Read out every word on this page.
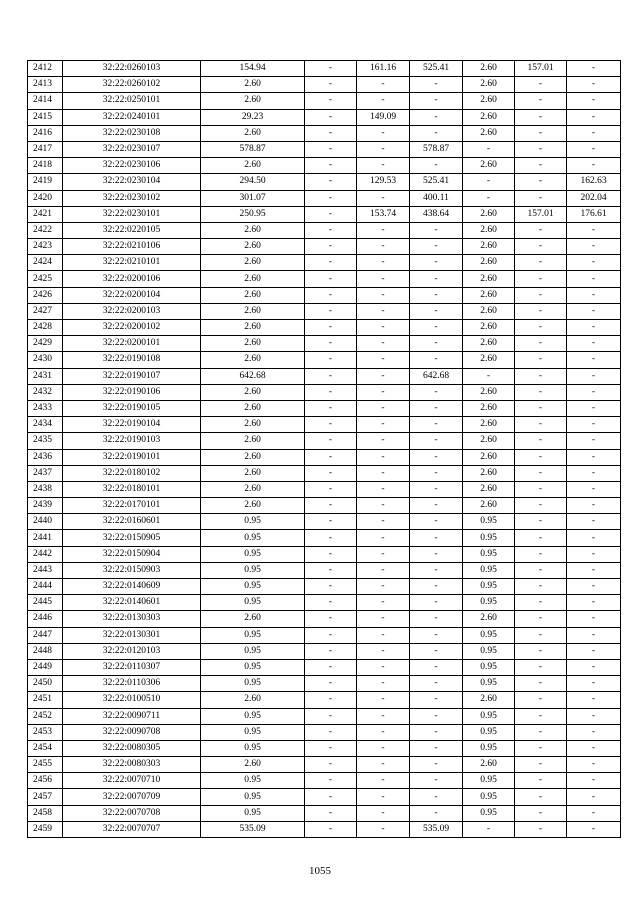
2412	32:22:0260103	154.94	-	161.16	525.41	2.60	157.01	-
2413	32:22:0260102	2.60	-	-	-	2.60	-	-
2414	32:22:0250101	2.60	-	-	-	2.60	-	-
2415	32:22:0240101	29.23	-	149.09	-	2.60	-	-
2416	32:22:0230108	2.60	-	-	-	2.60	-	-
2417	32:22:0230107	578.87	-	-	578.87	-	-	-
2418	32:22:0230106	2.60	-	-	-	2.60	-	-
2419	32:22:0230104	294.50	-	129.53	525.41	-	-	162.63
2420	32:22:0230102	301.07	-	-	400.11	-	-	202.04
2421	32:22:0230101	250.95	-	153.74	438.64	2.60	157.01	176.61
2422	32:22:0220105	2.60	-	-	-	2.60	-	-
2423	32:22:0210106	2.60	-	-	-	2.60	-	-
2424	32:22:0210101	2.60	-	-	-	2.60	-	-
2425	32:22:0200106	2.60	-	-	-	2.60	-	-
2426	32:22:0200104	2.60	-	-	-	2.60	-	-
2427	32:22:0200103	2.60	-	-	-	2.60	-	-
2428	32:22:0200102	2.60	-	-	-	2.60	-	-
2429	32:22:0200101	2.60	-	-	-	2.60	-	-
2430	32:22:0190108	2.60	-	-	-	2.60	-	-
2431	32:22:0190107	642.68	-	-	642.68	-	-	-
2432	32:22:0190106	2.60	-	-	-	2.60	-	-
2433	32:22:0190105	2.60	-	-	-	2.60	-	-
2434	32:22:0190104	2.60	-	-	-	2.60	-	-
2435	32:22:0190103	2.60	-	-	-	2.60	-	-
2436	32:22:0190101	2.60	-	-	-	2.60	-	-
2437	32:22:0180102	2.60	-	-	-	2.60	-	-
2438	32:22:0180101	2.60	-	-	-	2.60	-	-
2439	32:22:0170101	2.60	-	-	-	2.60	-	-
2440	32:22:0160601	0.95	-	-	-	0.95	-	-
2441	32:22:0150905	0.95	-	-	-	0.95	-	-
2442	32:22:0150904	0.95	-	-	-	0.95	-	-
2443	32:22:0150903	0.95	-	-	-	0.95	-	-
2444	32:22:0140609	0.95	-	-	-	0.95	-	-
2445	32:22:0140601	0.95	-	-	-	0.95	-	-
2446	32:22:0130303	2.60	-	-	-	2.60	-	-
2447	32:22:0130301	0.95	-	-	-	0.95	-	-
2448	32:22:0120103	0.95	-	-	-	0.95	-	-
2449	32:22:0110307	0.95	-	-	-	0.95	-	-
2450	32:22:0110306	0.95	-	-	-	0.95	-	-
2451	32:22:0100510	2.60	-	-	-	2.60	-	-
2452	32:22:0090711	0.95	-	-	-	0.95	-	-
2453	32:22:0090708	0.95	-	-	-	0.95	-	-
2454	32:22:0080305	0.95	-	-	-	0.95	-	-
2455	32:22:0080303	2.60	-	-	-	2.60	-	-
2456	32:22:0070710	0.95	-	-	-	0.95	-	-
2457	32:22:0070709	0.95	-	-	-	0.95	-	-
2458	32:22:0070708	0.95	-	-	-	0.95	-	-
2459	32:22:0070707	535.09	-	-	535.09	-	-	-
1055
